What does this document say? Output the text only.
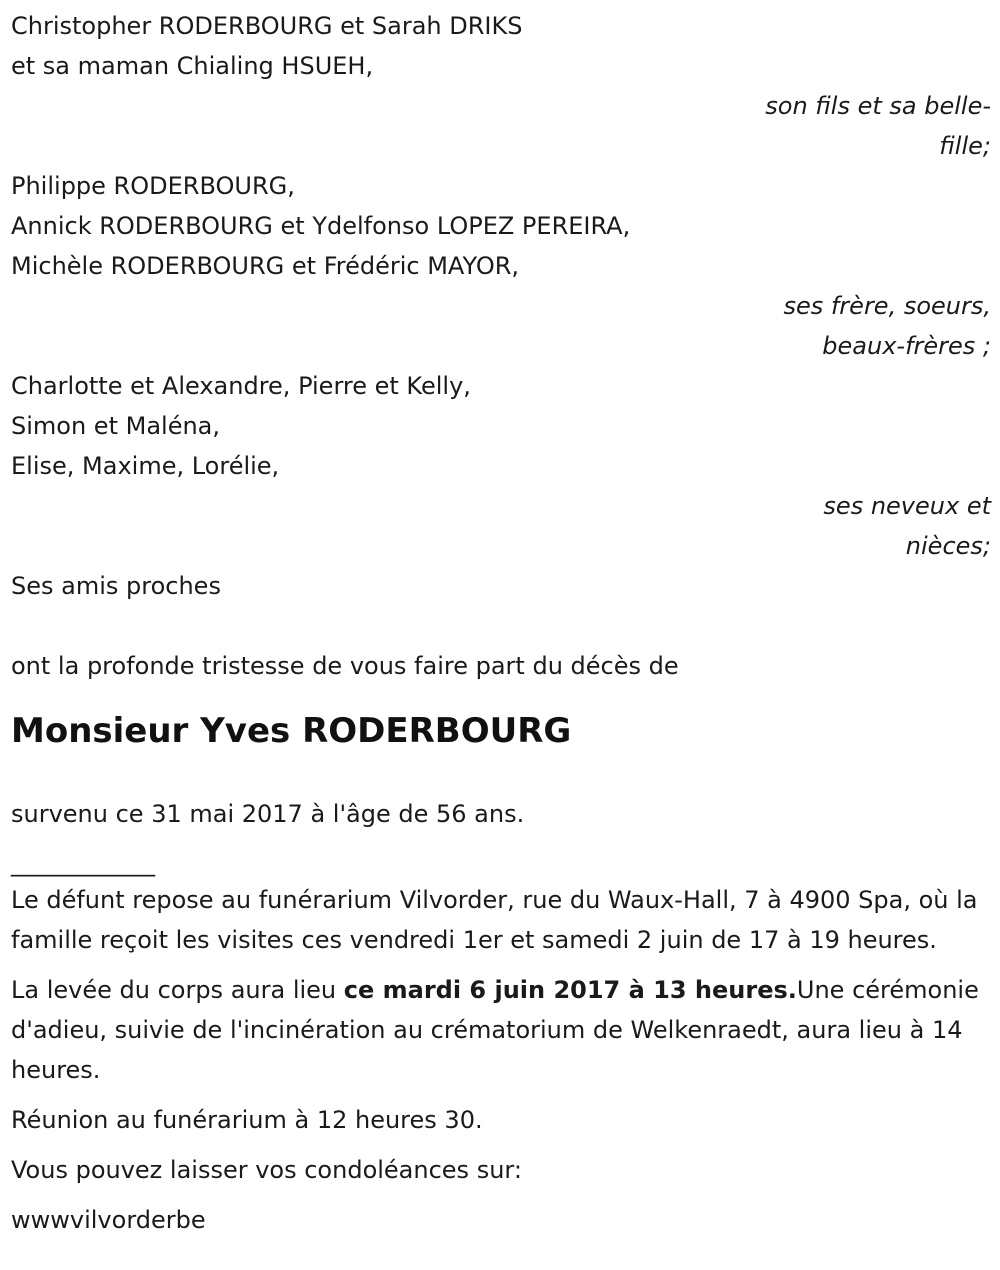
Christopher RODERBOURG et Sarah DRIKS
et sa maman Chialing HSUEH,
son fils et sa belle-
fille;
Philippe RODERBOURG,
Annick RODERBOURG et Ydelfonso LOPEZ PEREIRA,
Michèle RODERBOURG et Frédéric MAYOR,
ses frère, soeurs,
beaux-frères ;
Charlotte et Alexandre, Pierre et Kelly,
Simon et Maléna,
Elise, Maxime, Lorélie,
ses neveux et
nièces;
Ses amis proches
ont la profonde tristesse de vous faire part du décès de
Monsieur Yves RODERBOURG
survenu ce 31 mai 2017 à l'âge de 56 ans.
____________
Le défunt repose au funérarium Vilvorder, rue du Waux-Hall, 7 à 4900 Spa, où la famille reçoit les visites ces vendredi 1er et samedi 2 juin de 17 à 19 heures.
La levée du corps aura lieu ce mardi 6 juin 2017 à 13 heures.Une cérémonie d'adieu, suivie de l'incinération au crématorium de Welkenraedt, aura lieu à 14 heures.
Réunion au funérarium à 12 heures 30.
Vous pouvez laisser vos condoléances sur:
wwwvilvorderbe
